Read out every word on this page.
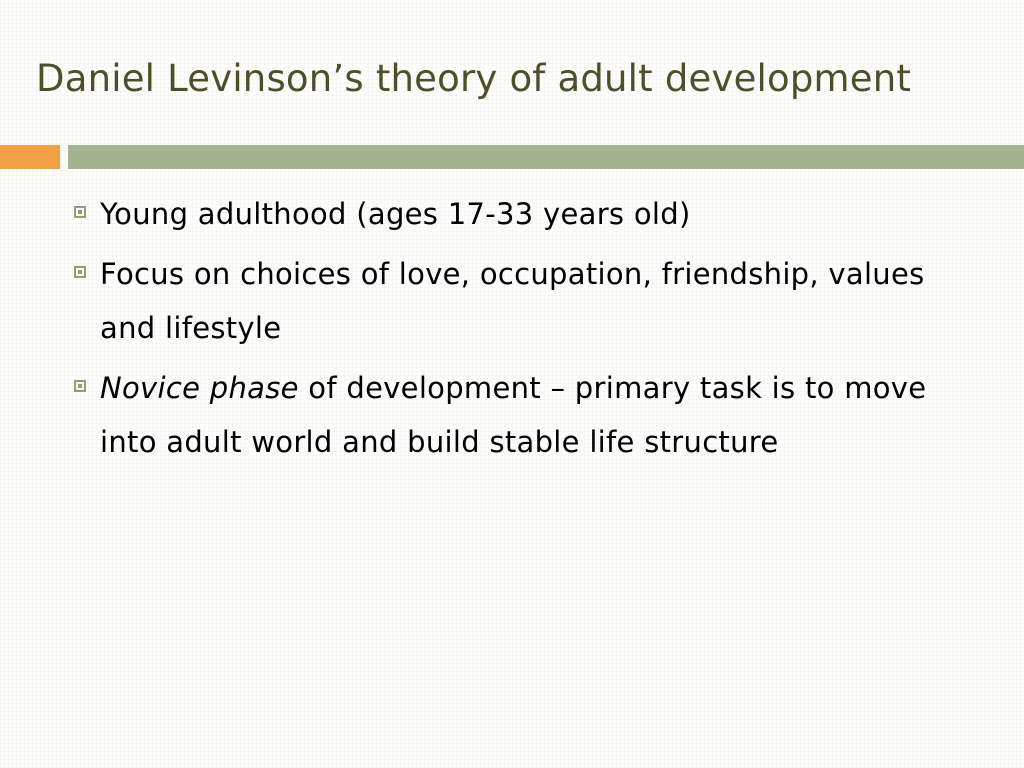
Daniel Levinson’s theory of adult development
Young adulthood (ages 17-33 years old)
Focus on choices of love, occupation, friendship, values and lifestyle
Novice phase of development – primary task is to move into adult world and build stable life structure
